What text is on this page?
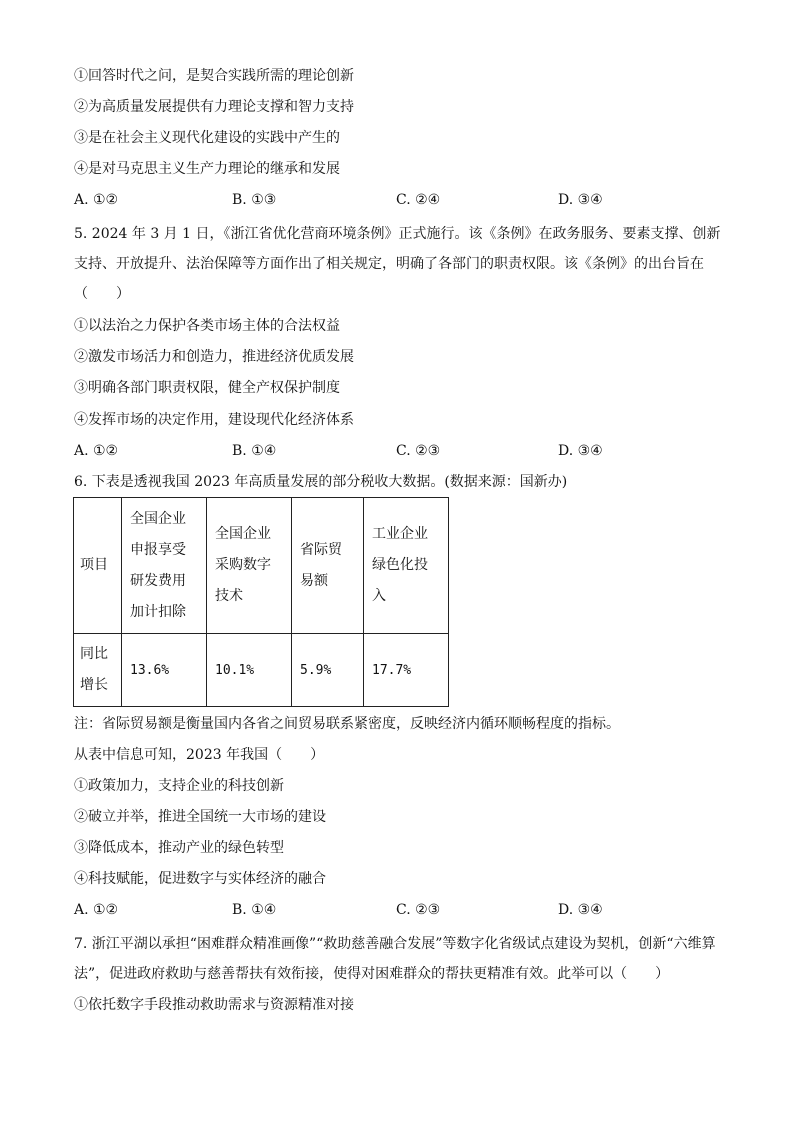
①回答时代之问，是契合实践所需的理论创新
②为高质量发展提供有力理论支撑和智力支持
③是在社会主义现代化建设的实践中产生的
④是对马克思主义生产力理论的继承和发展
A. ①②	B. ①③	C. ②④	D. ③④
5. 2024 年 3 月 1 日，《浙江省优化营商环境条例》正式施行。该《条例》在政务服务、要素支撑、创新支持、开放提升、法治保障等方面作出了相关规定，明确了各部门的职责权限。该《条例》的出台旨在（　　）
①以法治之力保护各类市场主体的合法权益
②激发市场活力和创造力，推进经济优质发展
③明确各部门职责权限，健全产权保护制度
④发挥市场的决定作用，建设现代化经济体系
A. ①②	B. ①④	C. ②③	D. ③④
6. 下表是透视我国 2023 年高质量发展的部分税收大数据。(数据来源：国新办)
项目	全国企业申报享受研发费用加计扣除	全国企业采购数字技术	省际贸易额	工业企业绿色化投入

同比增长	13.6%	10.1%	5.9%	17.7%
注：省际贸易额是衡量国内各省之间贸易联系紧密度，反映经济内循环顺畅程度的指标。
从表中信息可知，2023 年我国（　　）
①政策加力，支持企业的科技创新
②破立并举，推进全国统一大市场的建设
③降低成本，推动产业的绿色转型
④科技赋能，促进数字与实体经济的融合
A. ①②	B. ①④	C. ②③	D. ③④
7. 浙江平湖以承担“困难群众精准画像”“救助慈善融合发展”等数字化省级试点建设为契机，创新“六维算法”，促进政府救助与慈善帮扶有效衔接，使得对困难群众的帮扶更精准有效。此举可以（　　）
①依托数字手段推动救助需求与资源精准对接
